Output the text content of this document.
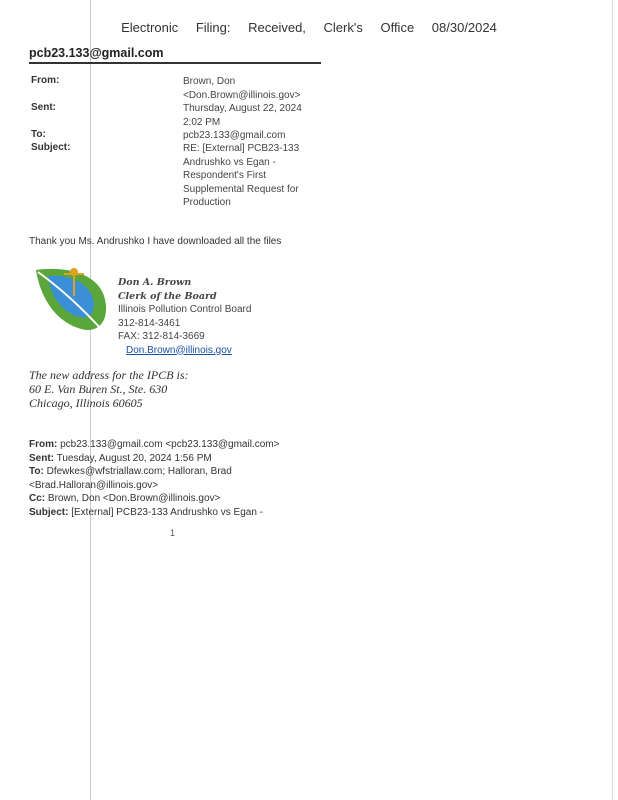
Electronic Filing: Received, Clerk's Office 08/30/2024
pcb23.133@gmail.com
From:	Brown, Don
<Don.Brown@illinois.gov>
Sent:	Thursday, August 22, 2024
2:02 PM
To:	pcb23.133@gmail.com
Subject:	RE: [External] PCB23-133
Andrushko vs Egan -
Respondent's First
Supplemental Request for
Production
Thank you Ms. Andrushko I have downloaded all the files
Don A. Brown
Clerk of the Board
Illinois Pollution Control Board
312-814-3461
FAX: 312-814-3669
Don.Brown@illinois.gov
The new address for the IPCB is:
60 E. Van Buren St., Ste. 630
Chicago, Illinois 60605
From: pcb23.133@gmail.com <pcb23.133@gmail.com>
Sent: Tuesday, August 20, 2024 1:56 PM
To: Dfewkes@wfstriallaw.com; Halloran, Brad
<Brad.Halloran@illinois.gov>
Cc: Brown, Don <Don.Brown@illinois.gov>
Subject: [External] PCB23-133 Andrushko vs Egan -
1
